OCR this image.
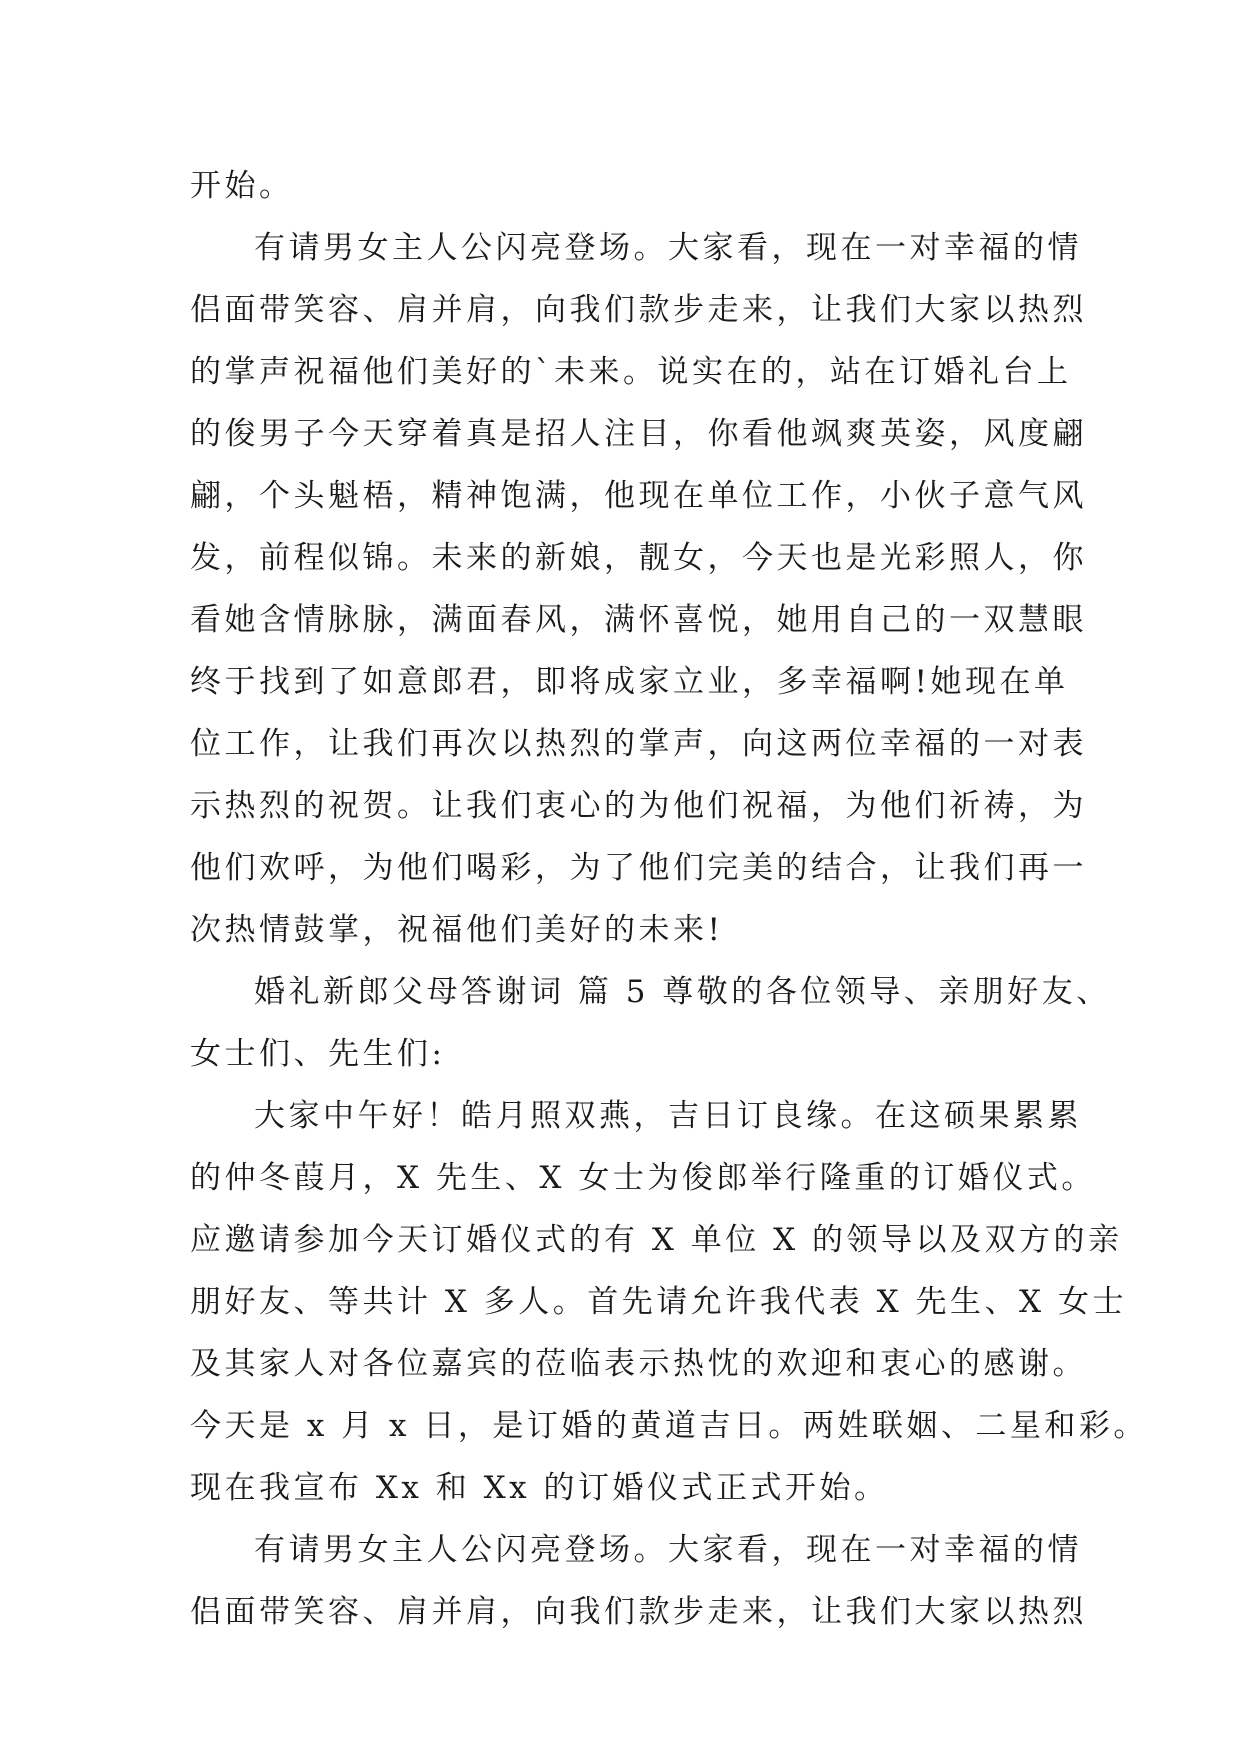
开始。
有请男女主人公闪亮登场。大家看，现在一对幸福的情
侣面带笑容、肩并肩，向我们款步走来，让我们大家以热烈
的掌声祝福他们美好的`未来。说实在的，站在订婚礼台上
的俊男子今天穿着真是招人注目，你看他飒爽英姿，风度翩
翩，个头魁梧，精神饱满，他现在单位工作，小伙子意气风
发，前程似锦。未来的新娘，靓女，今天也是光彩照人，你
看她含情脉脉，满面春风，满怀喜悦，她用自己的一双慧眼
终于找到了如意郎君，即将成家立业，多幸福啊!她现在单
位工作，让我们再次以热烈的掌声，向这两位幸福的一对表
示热烈的祝贺。让我们衷心的为他们祝福，为他们祈祷，为
他们欢呼，为他们喝彩，为了他们完美的结合，让我们再一
次热情鼓掌，祝福他们美好的未来!
婚礼新郎父母答谢词 篇 5 尊敬的各位领导、亲朋好友、
女士们、先生们:
大家中午好！皓月照双燕，吉日订良缘。在这硕果累累
的仲冬葭月，X 先生、X 女士为俊郎举行隆重的订婚仪式。
应邀请参加今天订婚仪式的有 X 单位 X 的领导以及双方的亲
朋好友、等共计 X 多人。首先请允许我代表 X 先生、X 女士
及其家人对各位嘉宾的莅临表示热忱的欢迎和衷心的感谢。
今天是 x 月 x 日，是订婚的黄道吉日。两姓联姻、二星和彩。
现在我宣布 Xx 和 Xx 的订婚仪式正式开始。
有请男女主人公闪亮登场。大家看，现在一对幸福的情
侣面带笑容、肩并肩，向我们款步走来，让我们大家以热烈
